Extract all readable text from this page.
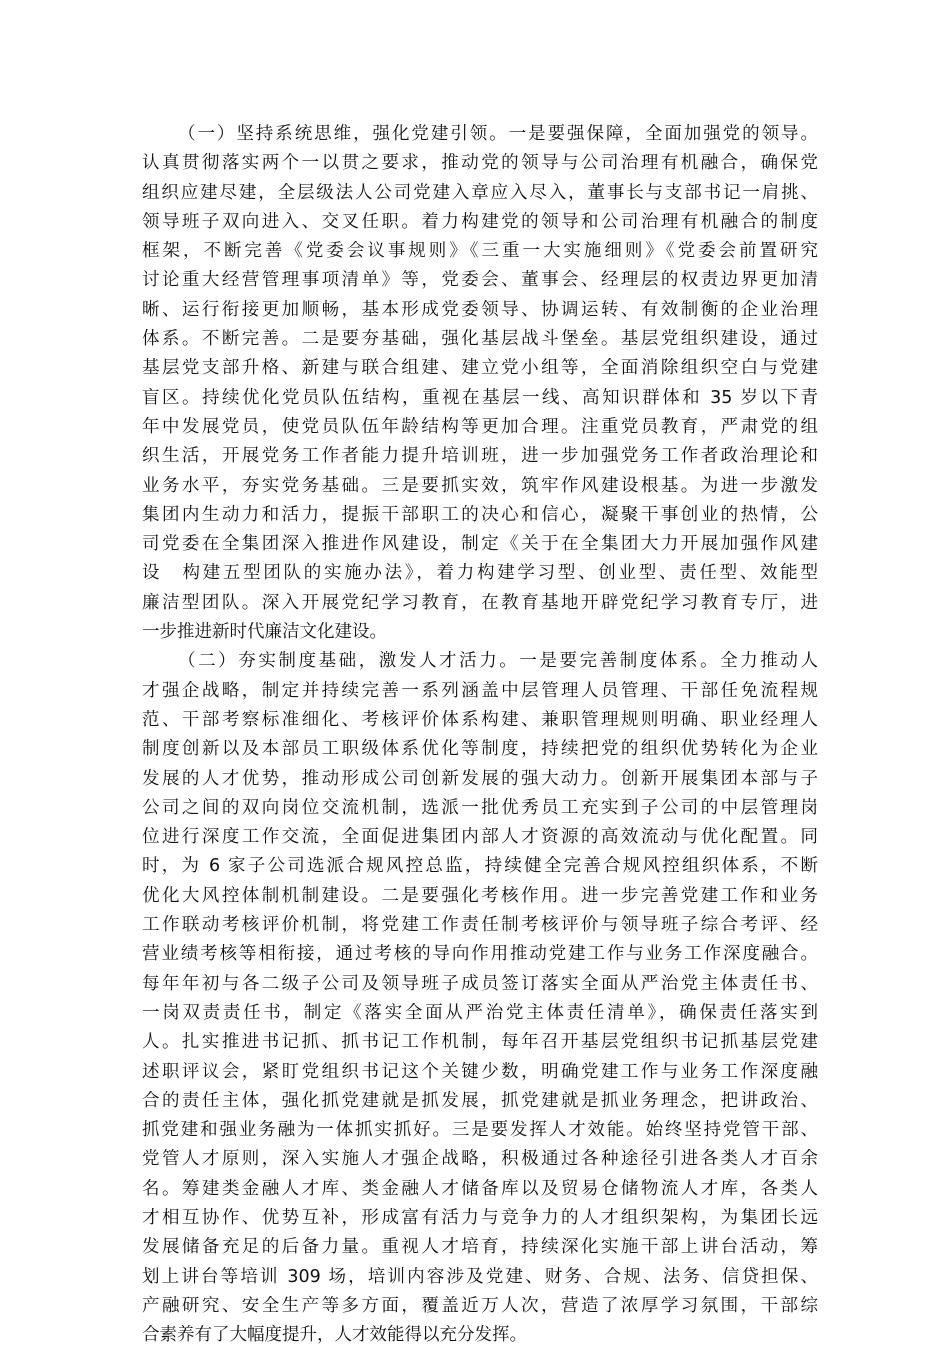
（一）坚持系统思维，强化党建引领。一是要强保障，全面加强党的领导。
认真贯彻落实两个一以贯之要求，推动党的领导与公司治理有机融合，确保党
组织应建尽建，全层级法人公司党建入章应入尽入，董事长与支部书记一肩挑、
领导班子双向进入、交叉任职。着力构建党的领导和公司治理有机融合的制度
框架，不断完善《党委会议事规则》《三重一大实施细则》《党委会前置研究
讨论重大经营管理事项清单》等，党委会、董事会、经理层的权责边界更加清
晰、运行衔接更加顺畅，基本形成党委领导、协调运转、有效制衡的企业治理
体系。不断完善。二是要夯基础，强化基层战斗堡垒。基层党组织建设，通过
基层党支部升格、新建与联合组建、建立党小组等，全面消除组织空白与党建
盲区。持续优化党员队伍结构，重视在基层一线、高知识群体和 35 岁以下青
年中发展党员，使党员队伍年龄结构等更加合理。注重党员教育，严肃党的组
织生活，开展党务工作者能力提升培训班，进一步加强党务工作者政治理论和
业务水平，夯实党务基础。三是要抓实效，筑牢作风建设根基。为进一步激发
集团内生动力和活力，提振干部职工的决心和信心，凝聚干事创业的热情，公
司党委在全集团深入推进作风建设，制定《关于在全集团大力开展加强作风建
设　构建五型团队的实施办法》，着力构建学习型、创业型、责任型、效能型
廉洁型团队。深入开展党纪学习教育，在教育基地开辟党纪学习教育专厅，进
一步推进新时代廉洁文化建设。
（二）夯实制度基础，激发人才活力。一是要完善制度体系。全力推动人
才强企战略，制定并持续完善一系列涵盖中层管理人员管理、干部任免流程规
范、干部考察标准细化、考核评价体系构建、兼职管理规则明确、职业经理人
制度创新以及本部员工职级体系优化等制度，持续把党的组织优势转化为企业
发展的人才优势，推动形成公司创新发展的强大动力。创新开展集团本部与子
公司之间的双向岗位交流机制，选派一批优秀员工充实到子公司的中层管理岗
位进行深度工作交流，全面促进集团内部人才资源的高效流动与优化配置。同
时，为 6 家子公司选派合规风控总监，持续健全完善合规风控组织体系，不断
优化大风控体制机制建设。二是要强化考核作用。进一步完善党建工作和业务
工作联动考核评价机制，将党建工作责任制考核评价与领导班子综合考评、经
营业绩考核等相衔接，通过考核的导向作用推动党建工作与业务工作深度融合。
每年年初与各二级子公司及领导班子成员签订落实全面从严治党主体责任书、
一岗双责责任书，制定《落实全面从严治党主体责任清单》，确保责任落实到
人。扎实推进书记抓、抓书记工作机制，每年召开基层党组织书记抓基层党建
述职评议会，紧盯党组织书记这个关键少数，明确党建工作与业务工作深度融
合的责任主体，强化抓党建就是抓发展，抓党建就是抓业务理念，把讲政治、
抓党建和强业务融为一体抓实抓好。三是要发挥人才效能。始终坚持党管干部、
党管人才原则，深入实施人才强企战略，积极通过各种途径引进各类人才百余
名。筹建类金融人才库、类金融人才储备库以及贸易仓储物流人才库，各类人
才相互协作、优势互补，形成富有活力与竞争力的人才组织架构，为集团长远
发展储备充足的后备力量。重视人才培育，持续深化实施干部上讲台活动，筹
划上讲台等培训 309 场，培训内容涉及党建、财务、合规、法务、信贷担保、
产融研究、安全生产等多方面，覆盖近万人次，营造了浓厚学习氛围，干部综
合素养有了大幅度提升，人才效能得以充分发挥。
